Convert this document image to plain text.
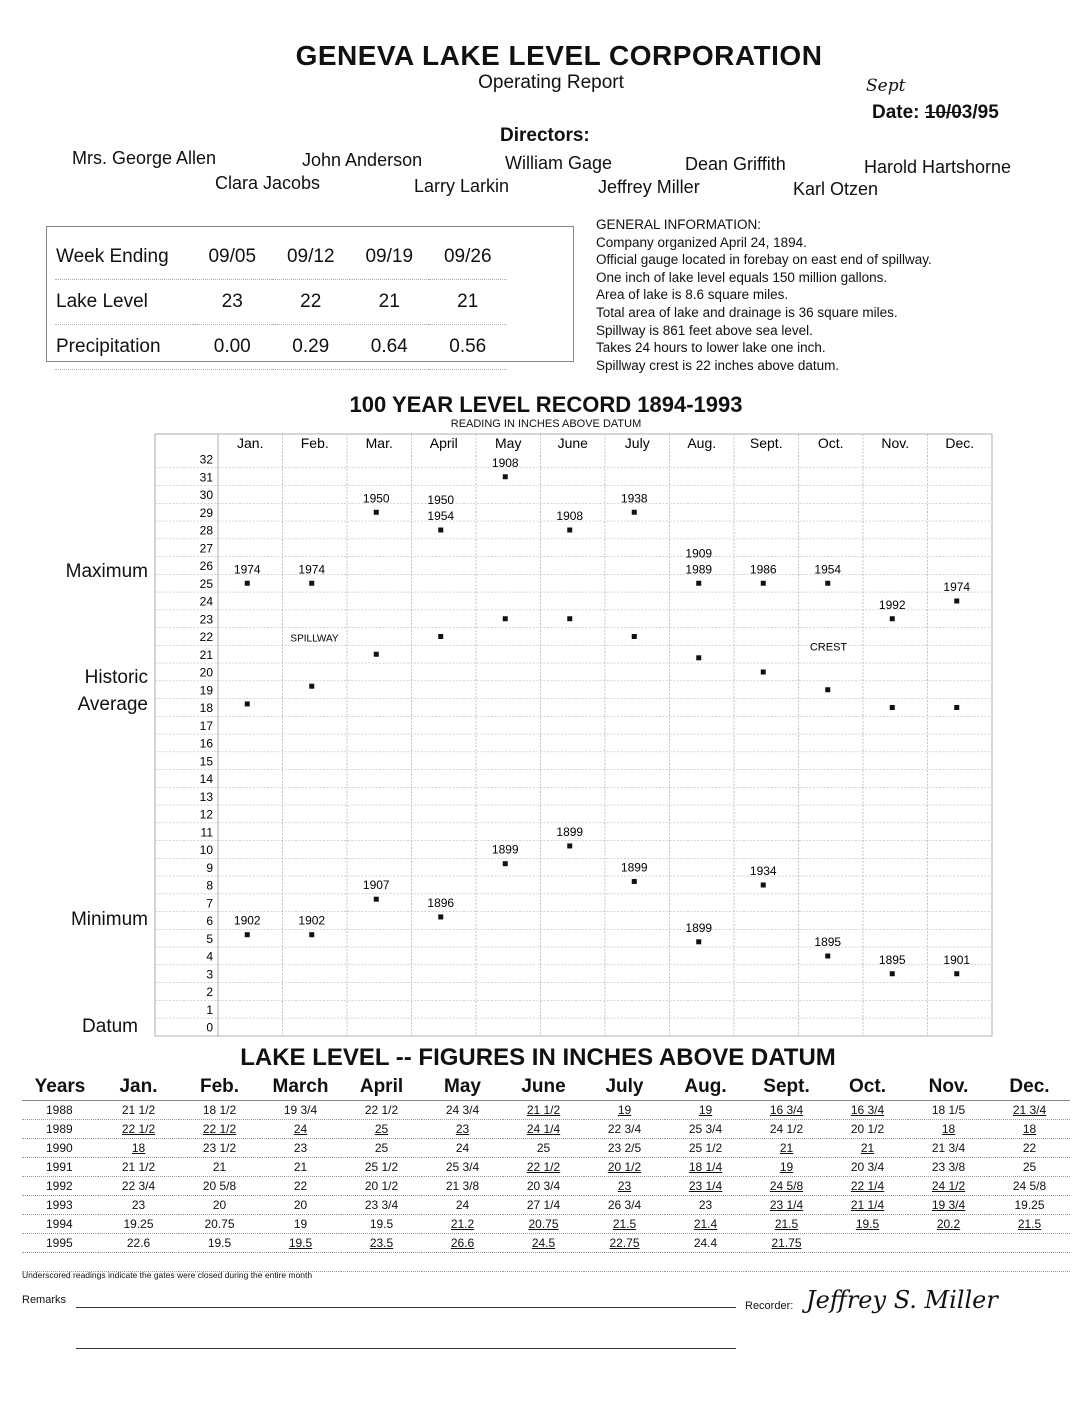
GENEVA LAKE LEVEL CORPORATION
Operating Report	Sept
Date: 10/03/95
Directors:
Mrs. George Allen	John Anderson	William Gage	Dean Griffith	Harold Hartshorne
Clara Jacobs	Larry Larkin	Jeffrey Miller	Karl Otzen
Week Ending	09/05	09/12	09/19	09/26
Lake Level	23	22	21	21
Precipitation	0.00	0.29	0.64	0.56
GENERAL INFORMATION:
Company organized April 24, 1894.
Official gauge located in forebay on east end of spillway.
One inch of lake level equals 150 million gallons.
Area of lake is 8.6 square miles.
Total area of lake and drainage is 36 square miles.
Spillway is 861 feet above sea level.
Takes 24 hours to lower lake one inch.
Spillway crest is 22 inches above datum.
100 YEAR LEVEL RECORD 1894-1993
READING IN INCHES ABOVE DATUM
Maximum
Historic
Average
Minimum
Datum
32
31
30
29
28
27
26
25
24
23
22
21
20
19
18
17
16
15
14
13
12
11
10
9
8
7
6
5
4
3
2
1
0
Jan.	Feb.	Mar.	April	May	June	July	Aug. Sept.	Oct.	Nov.	Dec.
1974	1974
1950	1950
1954
1908
1908
1938
1909
1989	1986	1954
1992
1974
1902	1902
1907
1896
1899
1899
1899
1899
1934
1895
1895	1901
SPILLWAY
CREST
LAKE LEVEL -- FIGURES IN INCHES ABOVE DATUM
Years	Jan.	Feb.	March	April	May	June	July	Aug.	Sept.	Oct.	Nov.	Dec.
1988	21 1/2	18 1/2	19 3/4	22 1/2	24 3/4	21 1/2	19	19	16 3/4	16 3/4	18 1/5	21 3/4
1989	22 1/2	22 1/2	24	25	23	24 1/4	22 3/4	25 3/4	24 1/2	20 1/2	18	18
1990	18	23 1/2	23	25	24	25	23 2/5	25 1/2	21	21	21 3/4	22
1991	21 1/2	21	21	25 1/2	25 3/4	22 1/2	20 1/2	18 1/4	19	20 3/4	23 3/8	25
1992	22 3/4	20 5/8	22	20 1/2	21 3/8	20 3/4	23	23 1/4	24 5/8	22 1/4	24 1/2	24 5/8
1993	23	20	20	23 3/4	24	27 1/4	26 3/4	23	23 1/4	21 1/4	19 3/4	19.25
1994	19.25	20.75	19	19.5	21.2	20.75	21.5	21.4	21.5	19.5	20.2	21.5
1995	22.6	19.5	19.5	23.5	26.6	24.5	22.75	24.4	21.75			

Underscored readings indicate the gates were closed during the entire month
Remarks	Recorder: Jeffrey S. Miller
